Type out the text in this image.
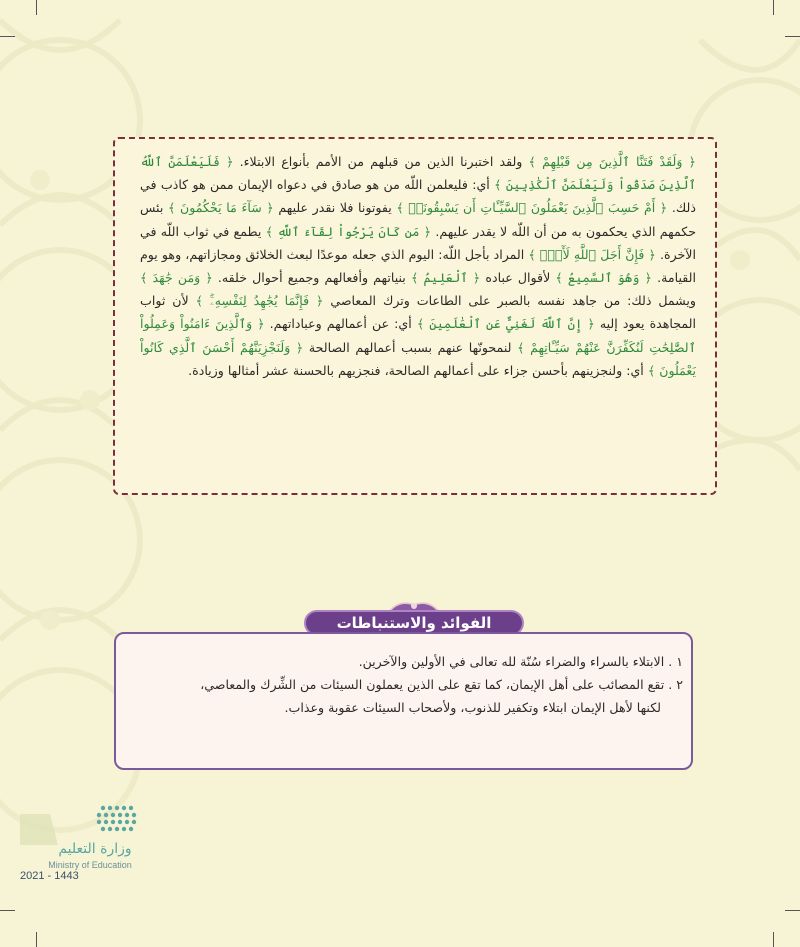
﴿ وَلَقَدْ فَتَنَّا ٱلَّذِينَ مِن قَبْلِهِمْ ﴾ ولقد اختبرنا الذين من قبلهم من الأمم بأنواع الابتلاء. ﴿ فَلَيَعْلَمَنَّ ٱللَّهُ ٱلَّذِينَ صَدَقُواْ وَلَيَعْلَمَنَّ ٱلْكَٰذِبِينَ ﴾ أي: فليعلمن اللّه من هو صادق في دعواه الإيمان ممن هو كاذب في ذلك. ﴿ أَمْ حَسِبَ ٱلَّذِينَ يَعْمَلُونَ ٱلسَّيِّـَٔاتِ أَن يَسْبِقُونَاۚ ﴾ يفوتونا فلا نقدر عليهم ﴿ سَآءَ مَا يَحْكُمُونَ ﴾ بئس حكمهم الذي يحكمون به من أن اللّه لا يقدر عليهم. ﴿ مَن كَانَ يَرْجُواْ لِقَآءَ ٱللَّهِ ﴾ يطمع في ثواب اللّه في الآخرة. ﴿ فَإِنَّ أَجَلَ ٱللَّهِ لَأٓتٍۚ ﴾ المراد بأجل اللّه: اليوم الذي جعله موعدًا لبعث الخلائق ومجازاتهم، وهو يوم القيامة. ﴿ وَهُوَ ٱلسَّمِيعُ ﴾ لأقوال عباده ﴿ ٱلْعَلِيمُ ﴾ بنياتهم وأفعالهم وجميع أحوال خلقه. ﴿ وَمَن جَٰهَدَ ﴾ ويشمل ذلك: من جاهد نفسه بالصبر على الطاعات وترك المعاصي ﴿ فَإِنَّمَا يُجَٰهِدُ لِنَفْسِهِۦٓۚ ﴾ لأن ثواب المجاهدة يعود إليه ﴿ إِنَّ ٱللَّهَ لَغَنِيٌّ عَنِ ٱلْعَٰلَمِينَ ﴾ أي: عن أعمالهم وعباداتهم. ﴿ وَٱلَّذِينَ ءَامَنُواْ وَعَمِلُواْ ٱلصَّٰلِحَٰتِ لَنُكَفِّرَنَّ عَنْهُمْ سَيِّـَٔاتِهِمْ ﴾ لنمحونّها عنهم بسبب أعمالهم الصالحة ﴿ وَلَنَجْزِيَنَّهُمْ أَحْسَنَ ٱلَّذِي كَانُواْ يَعْمَلُونَ ﴾ أي: ولنجزينهم بأحسن جزاء على أعمالهم الصالحة، فنجزيهم بالحسنة عشر أمثالها وزيادة.

الفوائد والاستنباطات
١ . الابتلاء بالسراء والضراء سُنّة لله تعالى في الأولين والآخرين.
٢ . تقع المصائب على أهل الإيمان، كما تقع على الذين يعملون السيئات من الشِّرك والمعاصي،
لكنها لأهل الإيمان ابتلاء وتكفير للذنوب، ولأصحاب السيئات عقوبة وعذاب.
وزارة التعليم
Ministry of Education
2021 - 1443
